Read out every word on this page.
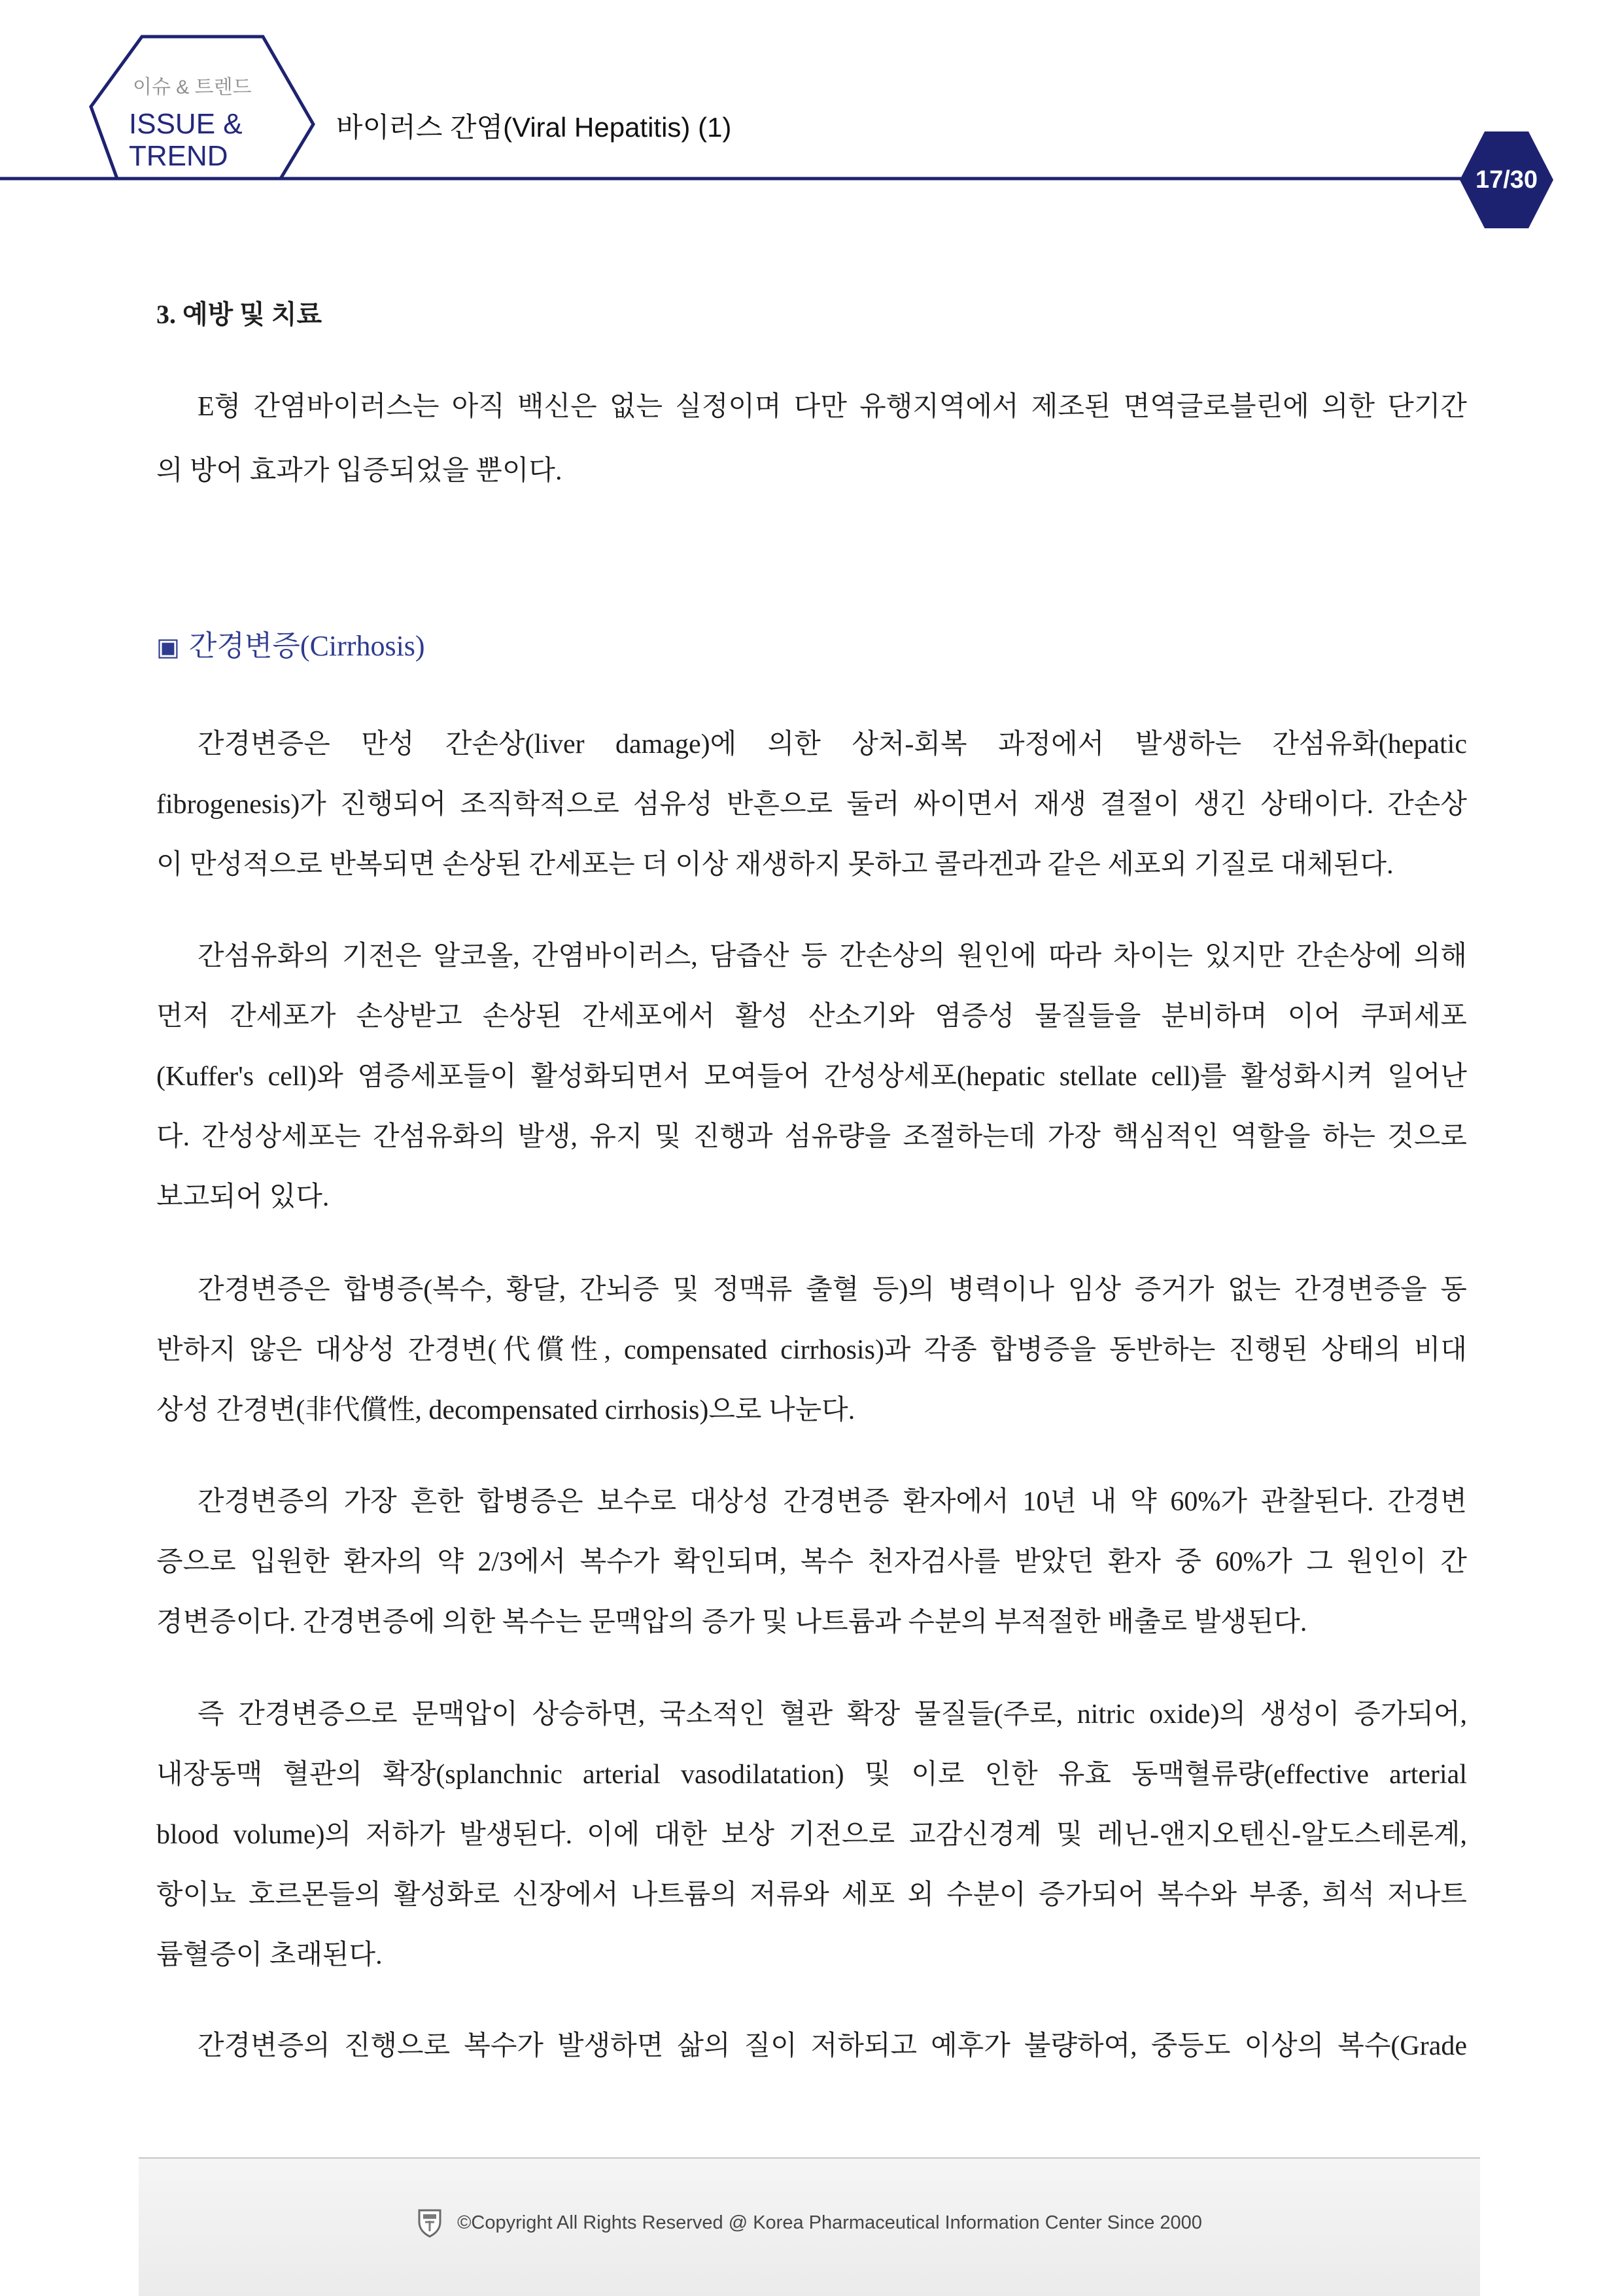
이슈 & 트렌드
ISSUE &
TREND
바이러스 간염(Viral Hepatitis) (1)
17/30
3. 예방 및 치료
E형 간염바이러스는 아직 백신은 없는 실정이며 다만 유행지역에서 제조된 면역글로블린에 의한 단기간
의 방어 효과가 입증되었을 뿐이다.
▣ 간경변증(Cirrhosis)
간경변증은 만성 간손상(liver damage)에 의한 상처-회복 과정에서 발생하는 간섬유화(hepatic
fibrogenesis)가 진행되어 조직학적으로 섬유성 반흔으로 둘러 싸이면서 재생 결절이 생긴 상태이다. 간손상
이 만성적으로 반복되면 손상된 간세포는 더 이상 재생하지 못하고 콜라겐과 같은 세포외 기질로 대체된다.
간섬유화의 기전은 알코올, 간염바이러스, 담즙산 등 간손상의 원인에 따라 차이는 있지만 간손상에 의해
먼저 간세포가 손상받고 손상된 간세포에서 활성 산소기와 염증성 물질들을 분비하며 이어 쿠퍼세포
(Kuffer's cell)와 염증세포들이 활성화되면서 모여들어 간성상세포(hepatic stellate cell)를 활성화시켜 일어난
다. 간성상세포는 간섬유화의 발생, 유지 및 진행과 섬유량을 조절하는데 가장 핵심적인 역할을 하는 것으로
보고되어 있다.
간경변증은 합병증(복수, 황달, 간뇌증 및 정맥류 출혈 등)의 병력이나 임상 증거가 없는 간경변증을 동
반하지 않은 대상성 간경변(代償性, compensated cirrhosis)과 각종 합병증을 동반하는 진행된 상태의 비대
상성 간경변(非代償性, decompensated cirrhosis)으로 나눈다.
간경변증의 가장 흔한 합병증은 보수로 대상성 간경변증 환자에서 10년 내 약 60%가 관찰된다. 간경변
증으로 입원한 환자의 약 2/3에서 복수가 확인되며, 복수 천자검사를 받았던 환자 중 60%가 그 원인이 간
경변증이다. 간경변증에 의한 복수는 문맥압의 증가 및 나트륨과 수분의 부적절한 배출로 발생된다.
즉 간경변증으로 문맥압이 상승하면, 국소적인 혈관 확장 물질들(주로, nitric oxide)의 생성이 증가되어,
내장동맥 혈관의 확장(splanchnic arterial vasodilatation) 및 이로 인한 유효 동맥혈류량(effective arterial
blood volume)의 저하가 발생된다. 이에 대한 보상 기전으로 교감신경계 및 레닌-앤지오텐신-알도스테론계,
항이뇨 호르몬들의 활성화로 신장에서 나트륨의 저류와 세포 외 수분이 증가되어 복수와 부종, 희석 저나트
륨혈증이 초래된다.
간경변증의 진행으로 복수가 발생하면 삶의 질이 저하되고 예후가 불량하여, 중등도 이상의 복수(Grade
©Copyright All Rights Reserved @ Korea Pharmaceutical Information Center Since 2000
